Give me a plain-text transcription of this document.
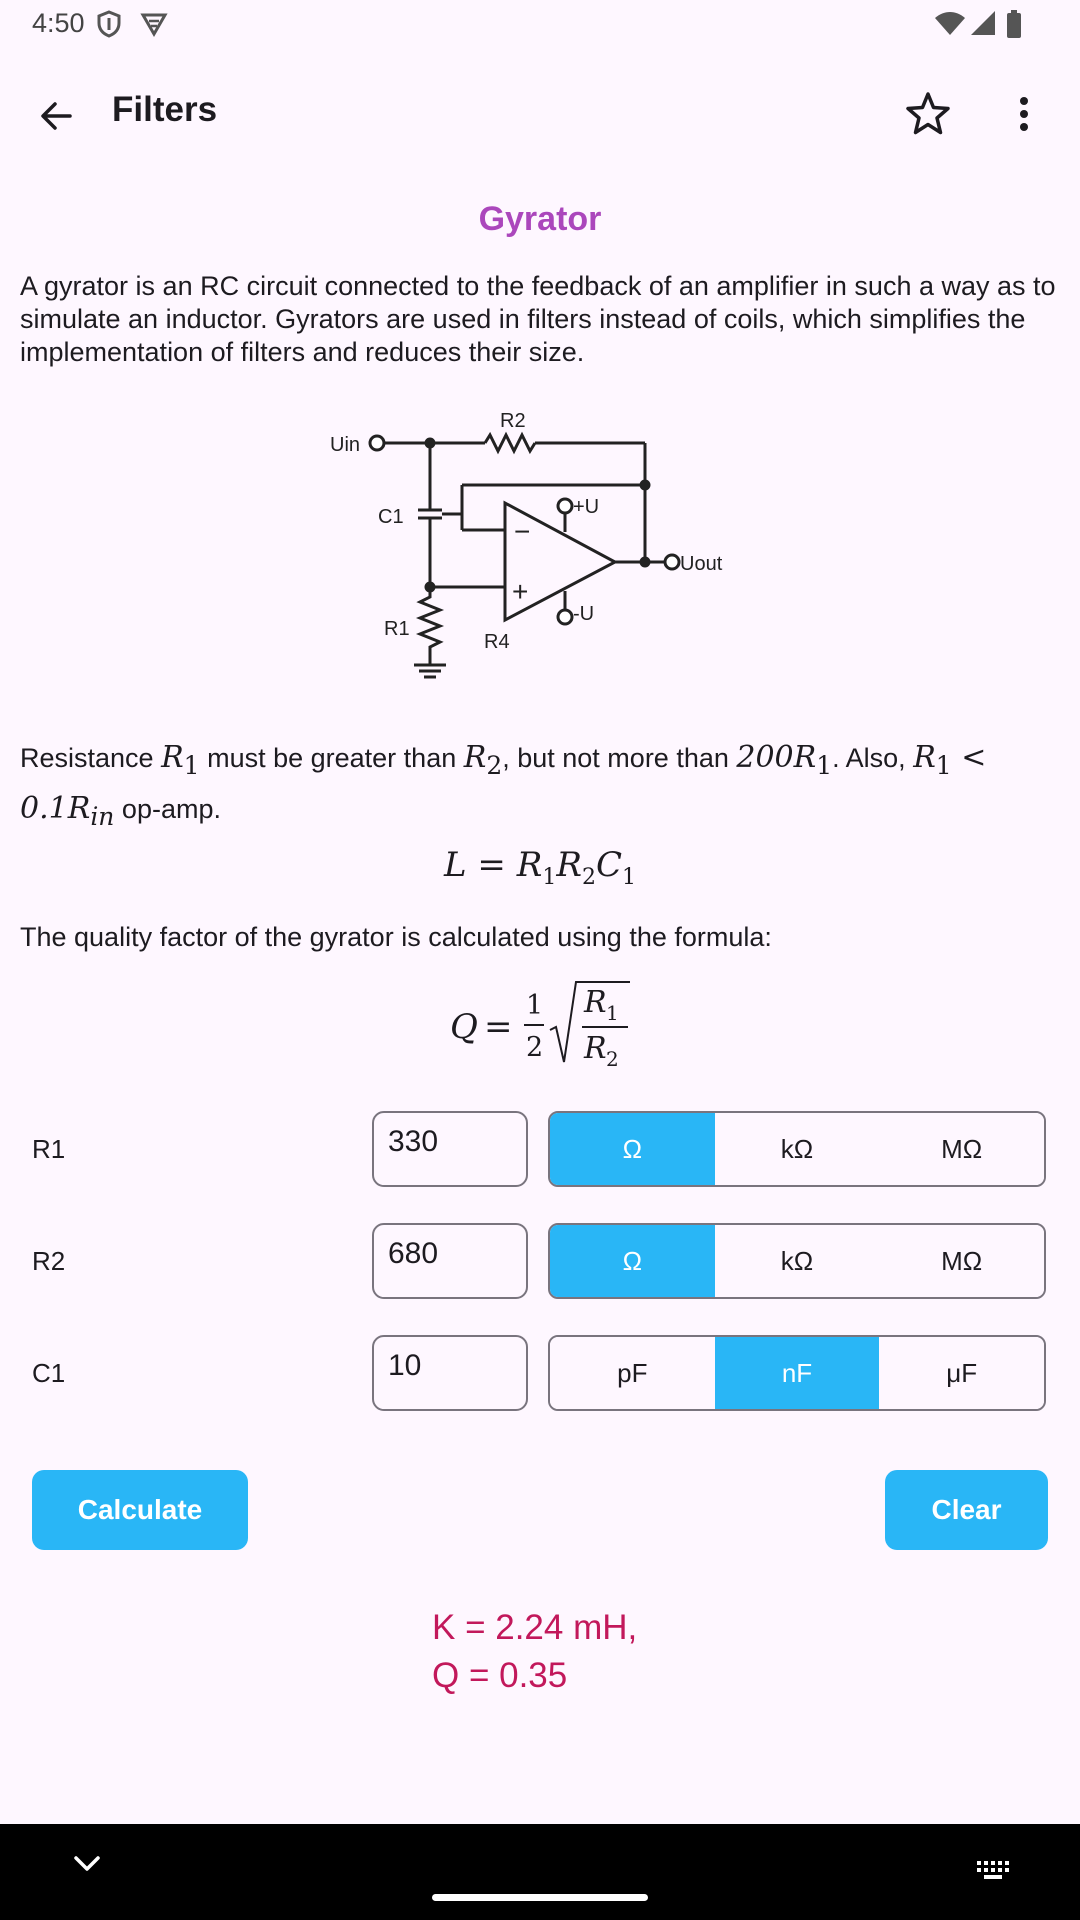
4:50
Filters
Gyrator
A gyrator is an RC circuit connected to the feedback of an amplifier in such a way as to simulate an inductor. Gyrators are used in filters instead of coils, which simplifies the implementation of filters and reduces their size.
Uin
R2
C1
R1
R4
+U
-U
Uout
−
+
Resistance $R_1$ must be greater than $R_2$, but not more than $200R_1$. Also, $R_1$ <
$0.1R_{in}$ op-amp.
$L = R_1R_2C_1$
The quality factor of the gyrator is calculated using the formula:
Q =
1
2
R 1
R 2
R1	330	Ω	kΩ	MΩ
R2	680	Ω	kΩ	MΩ
C1	10	pF	nF	μF
Calculate	Clear
K = 2.24 mH,
Q = 0.35
